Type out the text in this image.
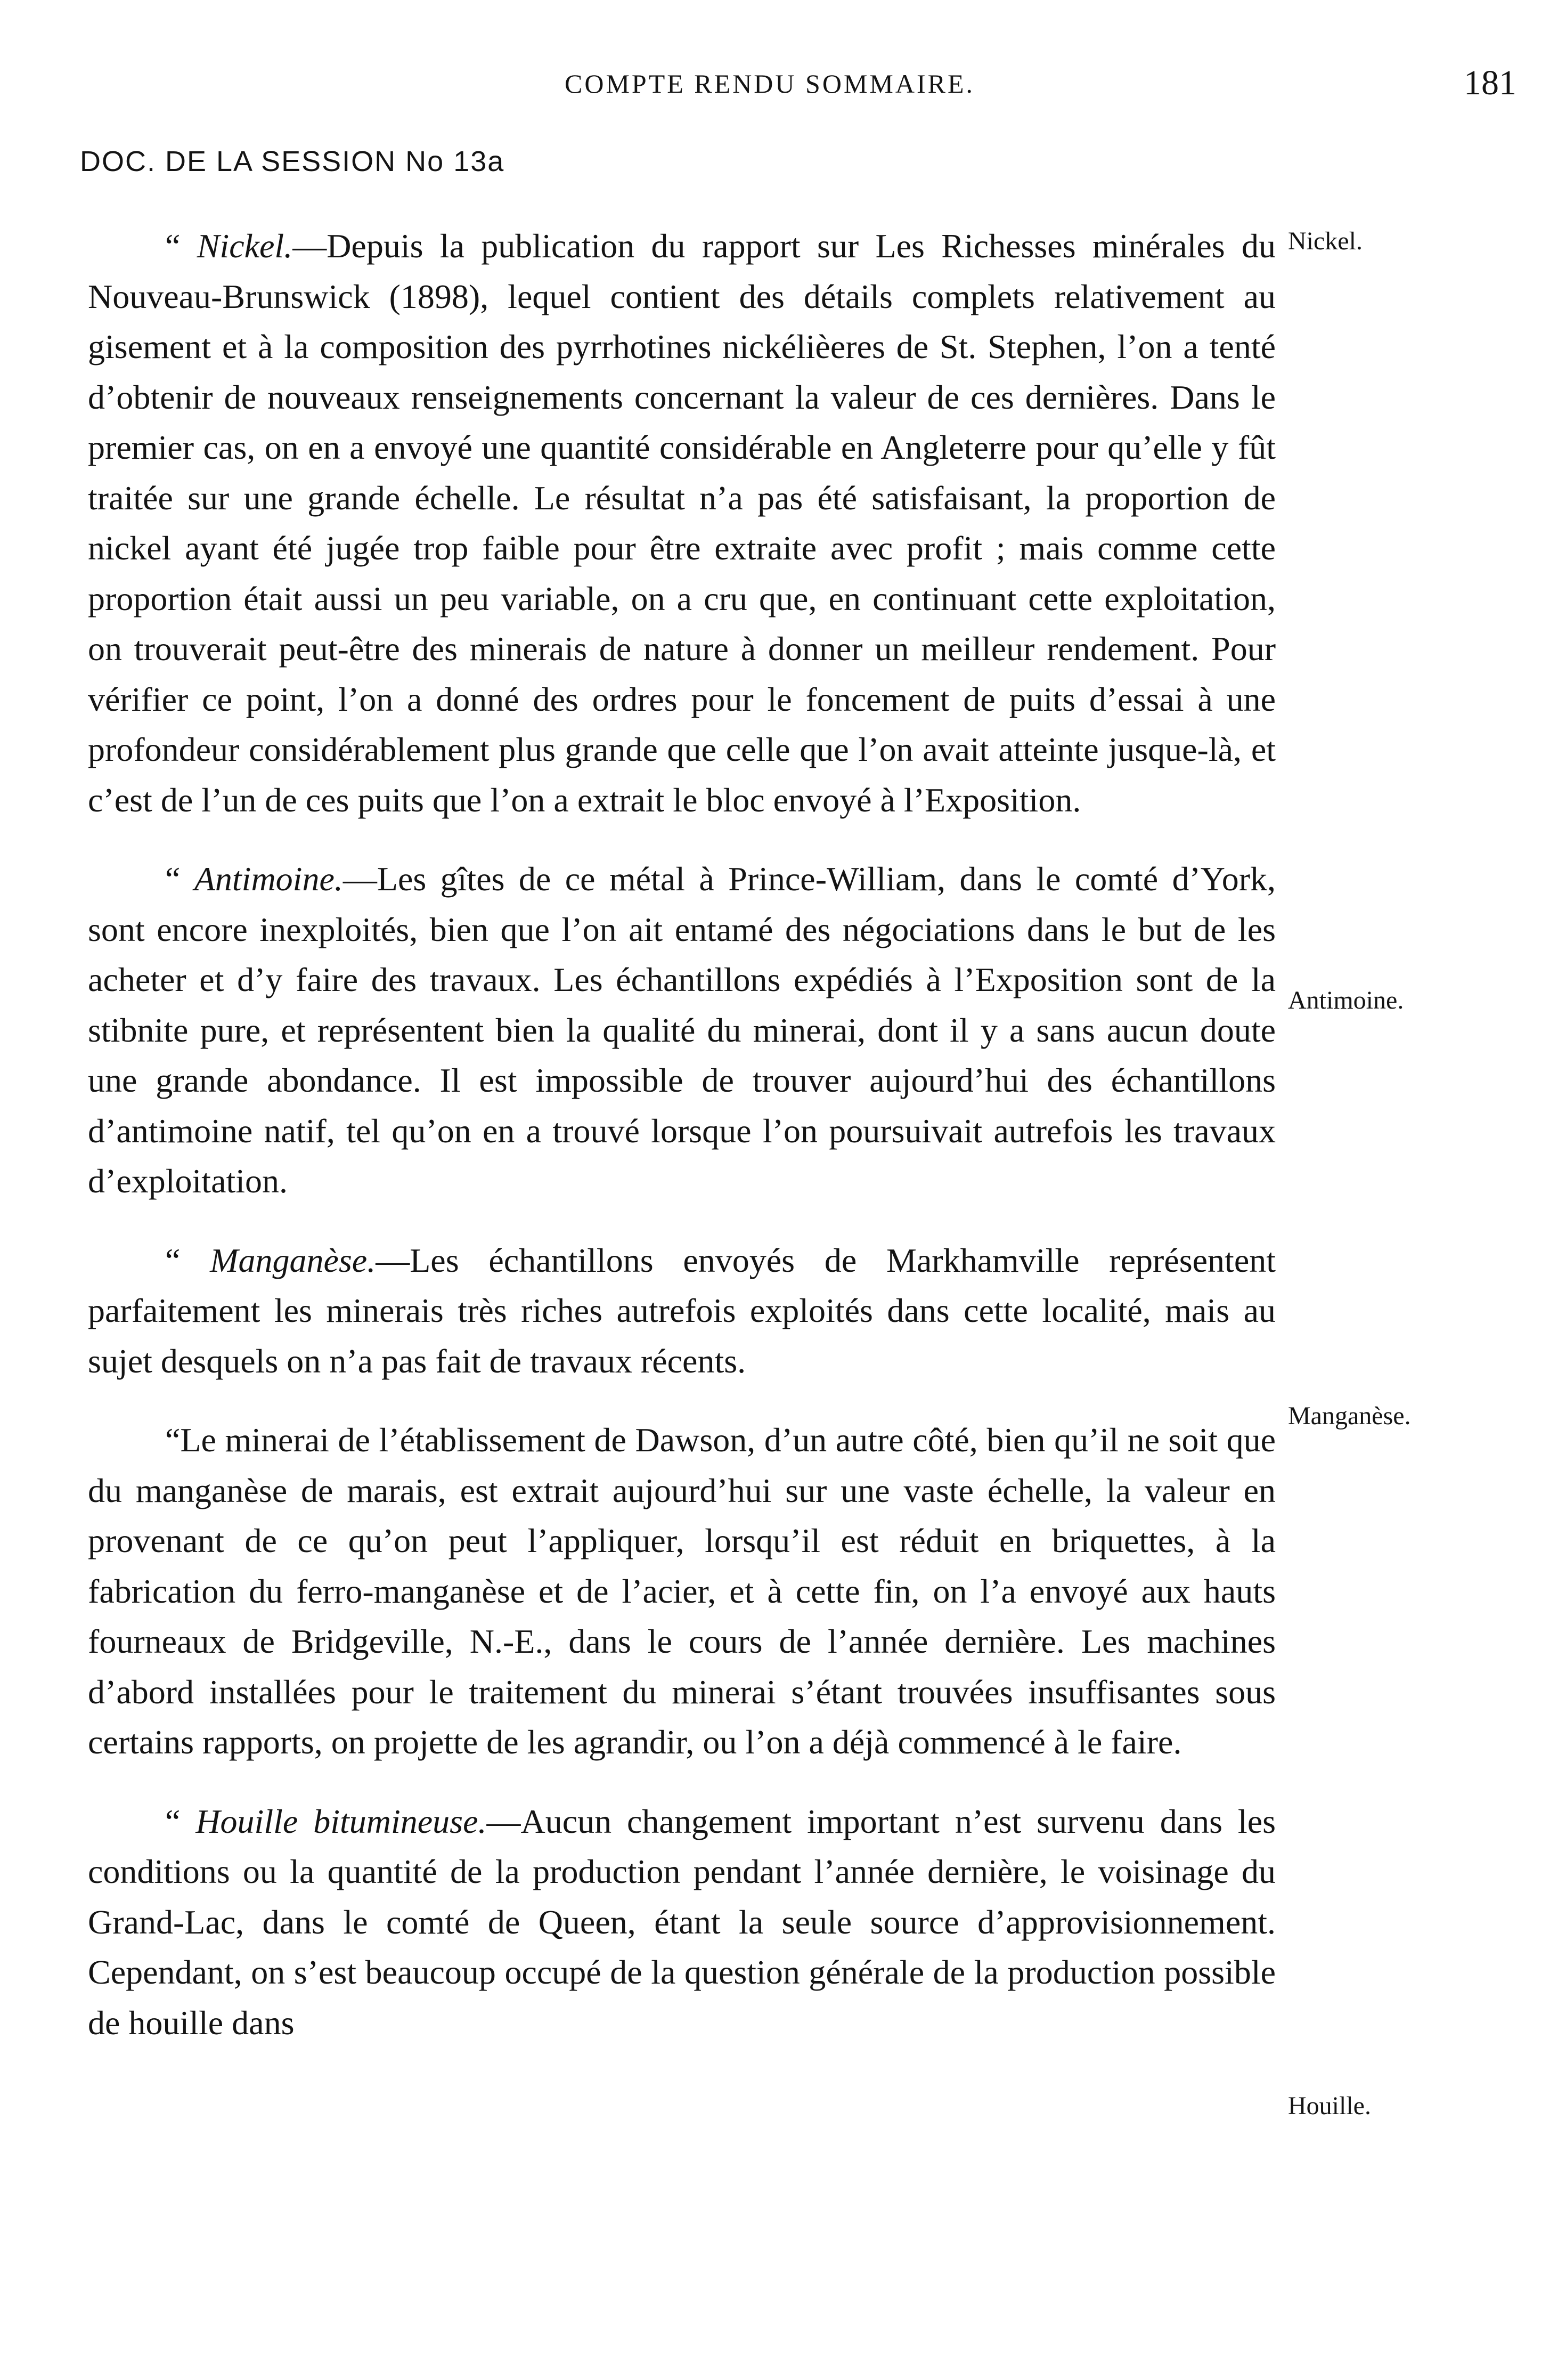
COMPTE RENDU SOMMAIRE.	181
DOC. DE LA SESSION No 13a

“ Nickel.—Depuis la publication du rapport sur Les Richesses minérales du Nouveau-Brunswick (1898), lequel contient des détails complets relativement au gisement et à la composition des pyrrhotines nickélièeres de St. Stephen, l’on a tenté d’obtenir de nouveaux renseignements concernant la valeur de ces dernières. Dans le premier cas, on en a envoyé une quantité considérable en Angleterre pour qu’elle y fût traitée sur une grande échelle. Le résultat n’a pas été satisfaisant, la proportion de nickel ayant été jugée trop faible pour être extraite avec profit ; mais comme cette proportion était aussi un peu variable, on a cru que, en continuant cette exploitation, on trouverait peut-être des minerais de nature à donner un meilleur rendement. Pour vérifier ce point, l’on a donné des ordres pour le foncement de puits d’essai à une profondeur considérablement plus grande que celle que l’on avait atteinte jusque-là, et c’est de l’un de ces puits que l’on a extrait le bloc envoyé à l’Exposition.

“ Antimoine.—Les gîtes de ce métal à Prince-William, dans le comté d’York, sont encore inexploités, bien que l’on ait entamé des négociations dans le but de les acheter et d’y faire des travaux. Les échantillons expédiés à l’Exposition sont de la stibnite pure, et représentent bien la qualité du minerai, dont il y a sans aucun doute une grande abondance. Il est impossible de trouver aujourd’hui des échantillons d’antimoine natif, tel qu’on en a trouvé lorsque l’on poursuivait autrefois les travaux d’exploitation.

“ Manganèse.—Les échantillons envoyés de Markhamville représentent parfaitement les minerais très riches autrefois exploités dans cette localité, mais au sujet desquels on n’a pas fait de travaux récents.

“Le minerai de l’établissement de Dawson, d’un autre côté, bien qu’il ne soit que du manganèse de marais, est extrait aujourd’hui sur une vaste échelle, la valeur en provenant de ce qu’on peut l’appliquer, lorsqu’il est réduit en briquettes, à la fabrication du ferro-manganèse et de l’acier, et à cette fin, on l’a envoyé aux hauts fourneaux de Bridgeville, N.-E., dans le cours de l’année dernière. Les machines d’abord installées pour le traitement du minerai s’étant trouvées insuffisantes sous certains rapports, on projette de les agrandir, ou l’on a déjà commencé à le faire.

“ Houille bitumineuse.—Aucun changement important n’est survenu dans les conditions ou la quantité de la production pendant l’année dernière, le voisinage du Grand-Lac, dans le comté de Queen, étant la seule source d’approvisionnement. Cependant, on s’est beaucoup occupé de la question générale de la production possible de houille dans

Nickel.
Antimoine.
Manganèse.
Houille.
